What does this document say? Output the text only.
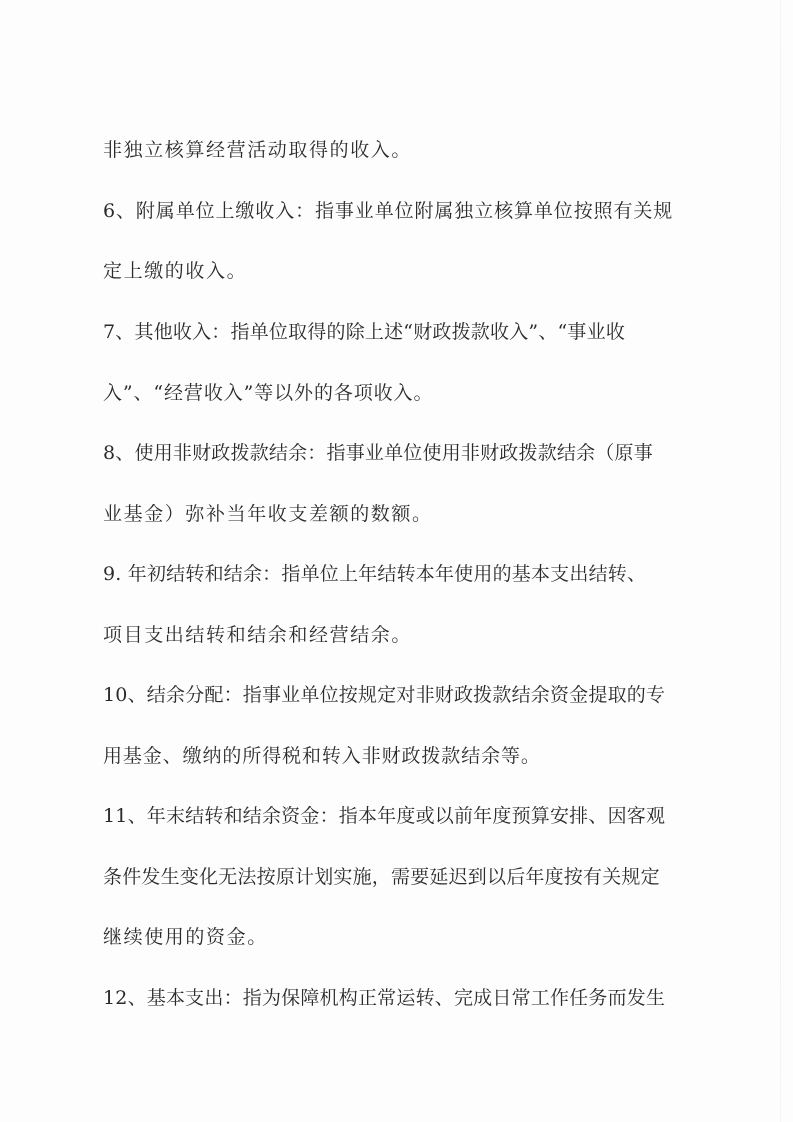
非独立核算经营活动取得的收入。
6、附属单位上缴收入：指事业单位附属独立核算单位按照有关规
定上缴的收入。
7、其他收入：指单位取得的除上述“财政拨款收入”、“事业收
入”、“经营收入”等以外的各项收入。
8、使用非财政拨款结余：指事业单位使用非财政拨款结余（原事
业基金）弥补当年收支差额的数额。
9. 年初结转和结余：指单位上年结转本年使用的基本支出结转、
项目支出结转和结余和经营结余。
10、结余分配：指事业单位按规定对非财政拨款结余资金提取的专
用基金、缴纳的所得税和转入非财政拨款结余等。
11、年末结转和结余资金：指本年度或以前年度预算安排、因客观
条件发生变化无法按原计划实施，需要延迟到以后年度按有关规定
继续使用的资金。
12、基本支出：指为保障机构正常运转、完成日常工作任务而发生
